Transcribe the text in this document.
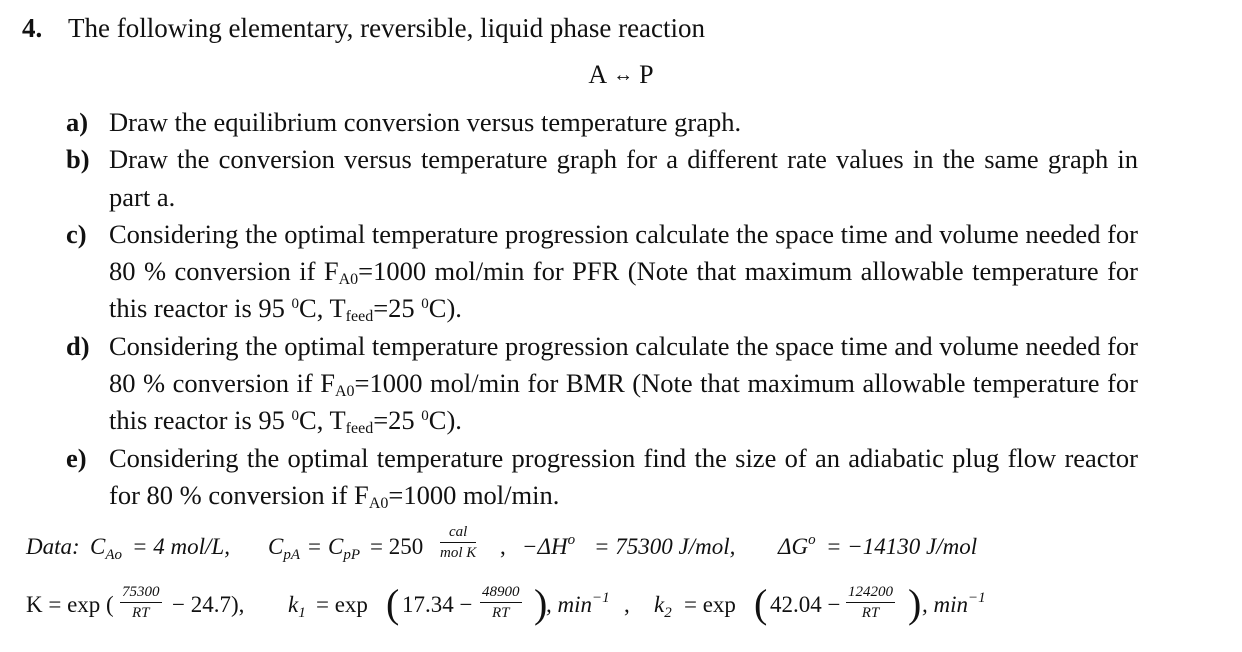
4. The following elementary, reversible, liquid phase reaction
A ↔ P

a) Draw the equilibrium conversion versus temperature graph.

b) Draw the conversion versus temperature graph for a different rate values in the same graph in part a.

c) Considering the optimal temperature progression calculate the space time and volume needed for 80 % conversion if $F_{A0}=1000$ mol/min for PFR (Note that maximum allowable temperature for this reactor is 95 $^0$C, $T_{feed}=25$ $^0$C).

d) Considering the optimal temperature progression calculate the space time and volume needed for 80 % conversion if $F_{A0}=1000$ mol/min for BMR (Note that maximum allowable temperature for this reactor is 95 $^0$C, $T_{feed}=25$ $^0$C).

e) Considering the optimal temperature progression find the size of an adiabatic plug flow reactor for 80 % conversion if $F_{A0}=1000$ mol/min.

Data: $C_{Ao} = 4$ mol/L, $C_{pA} = C_{pP} = 250$
cal
mol K , $-\Delta H^o = 75300$ J/mol, $\Delta G^o = -14130$ J/mol
K = exp ( $\frac{75300}{RT} - 24.7$), $k_1 = \exp$ ( $17.34 - \frac{48900}{RT}$ )
, $\min^{-1}$ , $k_2 = \exp$ ( $42.04 - \frac{124200}{RT}$ ) , $\min^{-1}$
